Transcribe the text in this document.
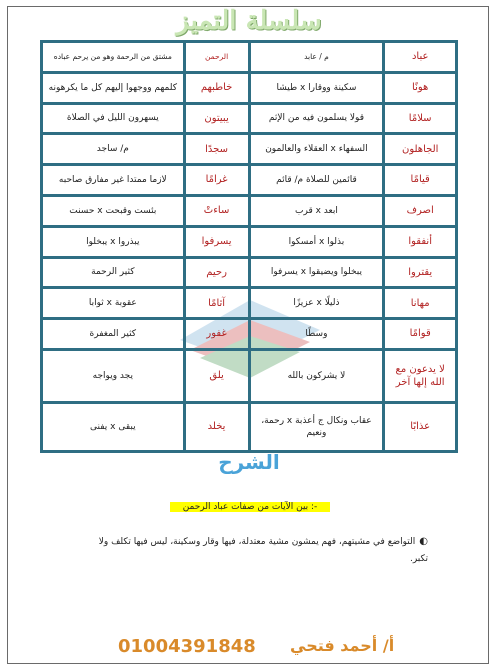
سلسلة التميز
عباد	م / عابد	الرحمن	مشتق من الرحمة وهو من يرحم عباده
هونًا	سكينة ووقارا x طيشا	خاطبهم	كلمهم ووجهوا إليهم كل ما يكرهونه
سلامًا	قولا يسلمون فيه من الإثم	يبيتون	يسهرون الليل في الصلاة
الجاهلون	السفهاء x العقلاء والعالمون	سجدًا	م/ ساجد
قيامًا	قائمين للصلاة م/ قائم	غرامًا	لازما ممتدا غير مفارق صاحبه
اصرف	ابعد x قرب	ساءتْ	بئست وقبحت x حسنت
أنفقوا	بذلوا x أمسكوا	يسرفوا	يبذروا x يبخلوا
يقتروا	يبخلوا ويضيقوا x يسرفوا	رحيم	كثير الرحمة
مهانا	ذليلًا x عزيزًا	آثامًا	عقوبة x ثوابا
قوامًا	وسطًا	غفور	كثير المغفرة
لا يدعون مع الله إلها آخر	لا يشركون بالله	يلق	يجد ويواجه
عذابًا	عقاب ونكال ج أعذبة x رحمة، ونعيم	يخلد	يبقى x يفنى
الشرح
-: بين الآيات من صفات عباد الرحمن
◐التواضع في مشيتهم، فهم يمشون مشية معتدلة، فيها وقار وسكينة، ليس فيها تكلف ولا تكبر.
أ/ أحمد فتحي
01004391848
